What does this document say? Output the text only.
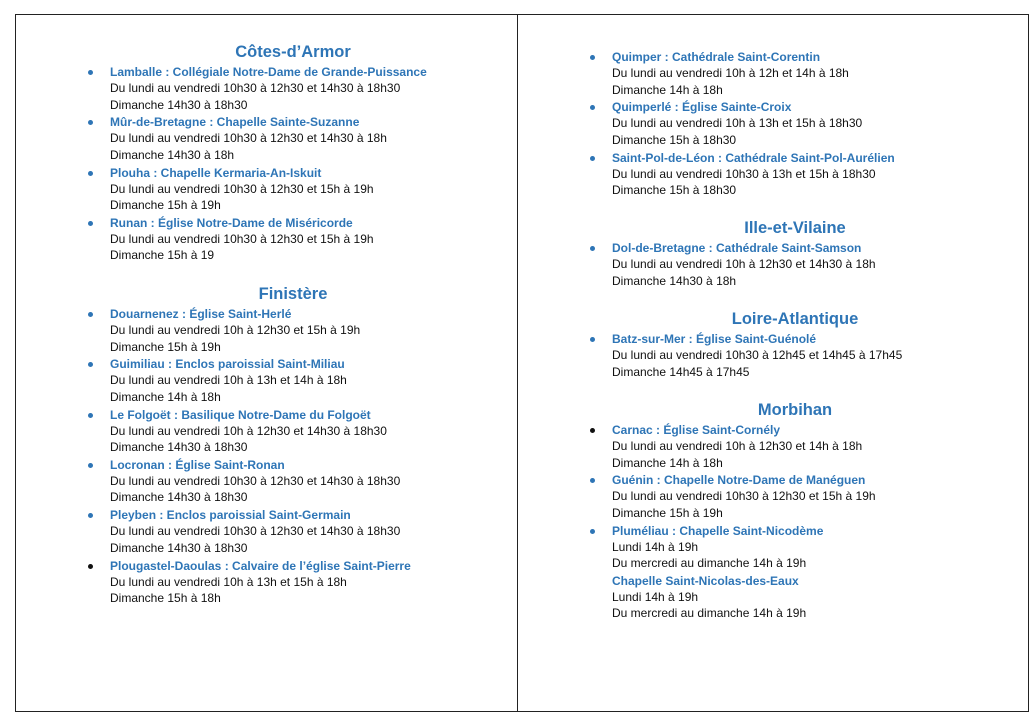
Côtes-d’Armor
Lamballe : Collégiale Notre-Dame de Grande-Puissance
Du lundi au vendredi 10h30 à 12h30 et 14h30 à 18h30
Dimanche 14h30 à 18h30
Mûr-de-Bretagne : Chapelle Sainte-Suzanne
Du lundi au vendredi 10h30 à 12h30 et 14h30 à 18h
Dimanche 14h30 à 18h
Plouha : Chapelle Kermaria-An-Iskuit
Du lundi au vendredi 10h30 à 12h30 et 15h à 19h
Dimanche 15h à 19h
Runan : Église Notre-Dame de Miséricorde
Du lundi au vendredi 10h30 à 12h30 et 15h à 19h
Dimanche 15h à 19
Finistère
Douarnenez : Église Saint-Herlé
Du lundi au vendredi 10h à 12h30 et 15h à 19h
Dimanche 15h à 19h
Guimiliau : Enclos paroissial Saint-Miliau
Du lundi au vendredi 10h à 13h et 14h à 18h
Dimanche 14h à 18h
Le Folgoët : Basilique Notre-Dame du Folgoët
Du lundi au vendredi 10h à 12h30 et 14h30 à 18h30
Dimanche 14h30 à 18h30
Locronan : Église Saint-Ronan
Du lundi au vendredi 10h30 à 12h30 et 14h30 à 18h30
Dimanche 14h30 à 18h30
Pleyben : Enclos paroissial Saint-Germain
Du lundi au vendredi 10h30 à 12h30 et 14h30 à 18h30
Dimanche 14h30 à 18h30
Plougastel-Daoulas : Calvaire de l’église Saint-Pierre
Du lundi au vendredi 10h à 13h et 15h à 18h
Dimanche 15h à 18h
Quimper : Cathédrale Saint-Corentin
Du lundi au vendredi 10h à 12h et 14h à 18h
Dimanche 14h à 18h
Quimperlé : Église Sainte-Croix
Du lundi au vendredi 10h à 13h et 15h à 18h30
Dimanche 15h à 18h30
Saint-Pol-de-Léon : Cathédrale Saint-Pol-Aurélien
Du lundi au vendredi 10h30 à 13h et 15h à 18h30
Dimanche 15h à 18h30
Ille-et-Vilaine
Dol-de-Bretagne : Cathédrale Saint-Samson
Du lundi au vendredi 10h à 12h30 et 14h30 à 18h
Dimanche 14h30 à 18h
Loire-Atlantique
Batz-sur-Mer : Église Saint-Guénolé
Du lundi au vendredi 10h30 à 12h45 et 14h45 à 17h45
Dimanche 14h45 à 17h45
Morbihan
Carnac : Église Saint-Cornély
Du lundi au vendredi 10h à 12h30 et 14h à 18h
Dimanche 14h à 18h
Guénin : Chapelle Notre-Dame de Manéguen
Du lundi au vendredi 10h30 à 12h30 et 15h à 19h
Dimanche 15h à 19h
Pluméliau : Chapelle Saint-Nicodème
Lundi 14h à 19h
Du mercredi au dimanche 14h à 19h
Chapelle Saint-Nicolas-des-Eaux
Lundi 14h à 19h
Du mercredi au dimanche 14h à 19h
